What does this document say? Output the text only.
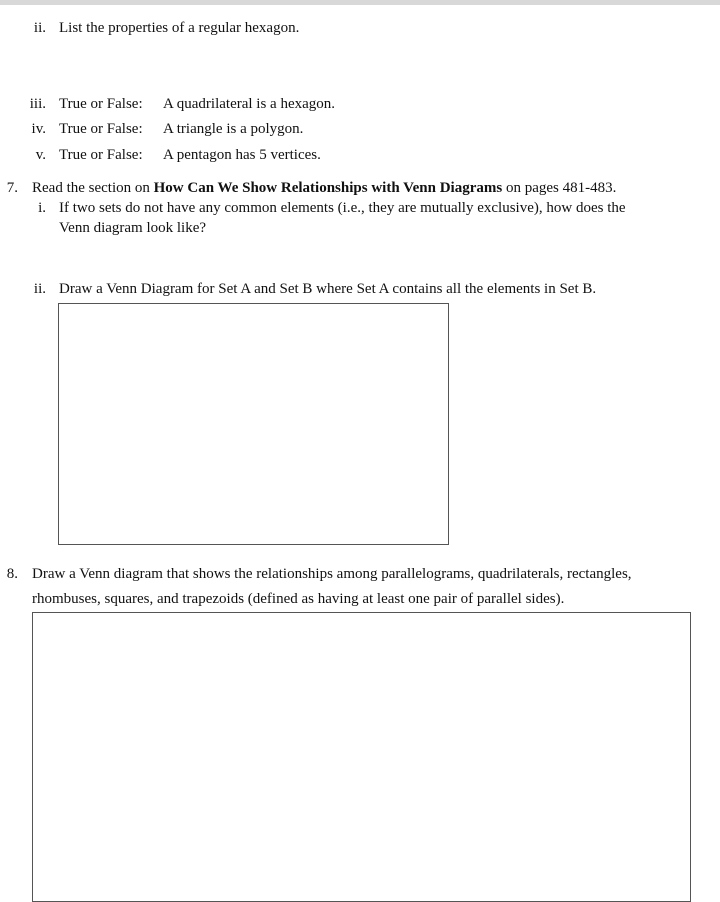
ii. List the properties of a regular hexagon.
iii. True or False: A quadrilateral is a hexagon.
iv. True or False: A triangle is a polygon.
v. True or False: A pentagon has 5 vertices.
7. Read the section on How Can We Show Relationships with Venn Diagrams on pages 481-483.
i. If two sets do not have any common elements (i.e., they are mutually exclusive), how does the
Venn diagram look like?
ii. Draw a Venn Diagram for Set A and Set B where Set A contains all the elements in Set B.
8. Draw a Venn diagram that shows the relationships among parallelograms, quadrilaterals, rectangles,
rhombuses, squares, and trapezoids (defined as having at least one pair of parallel sides).
